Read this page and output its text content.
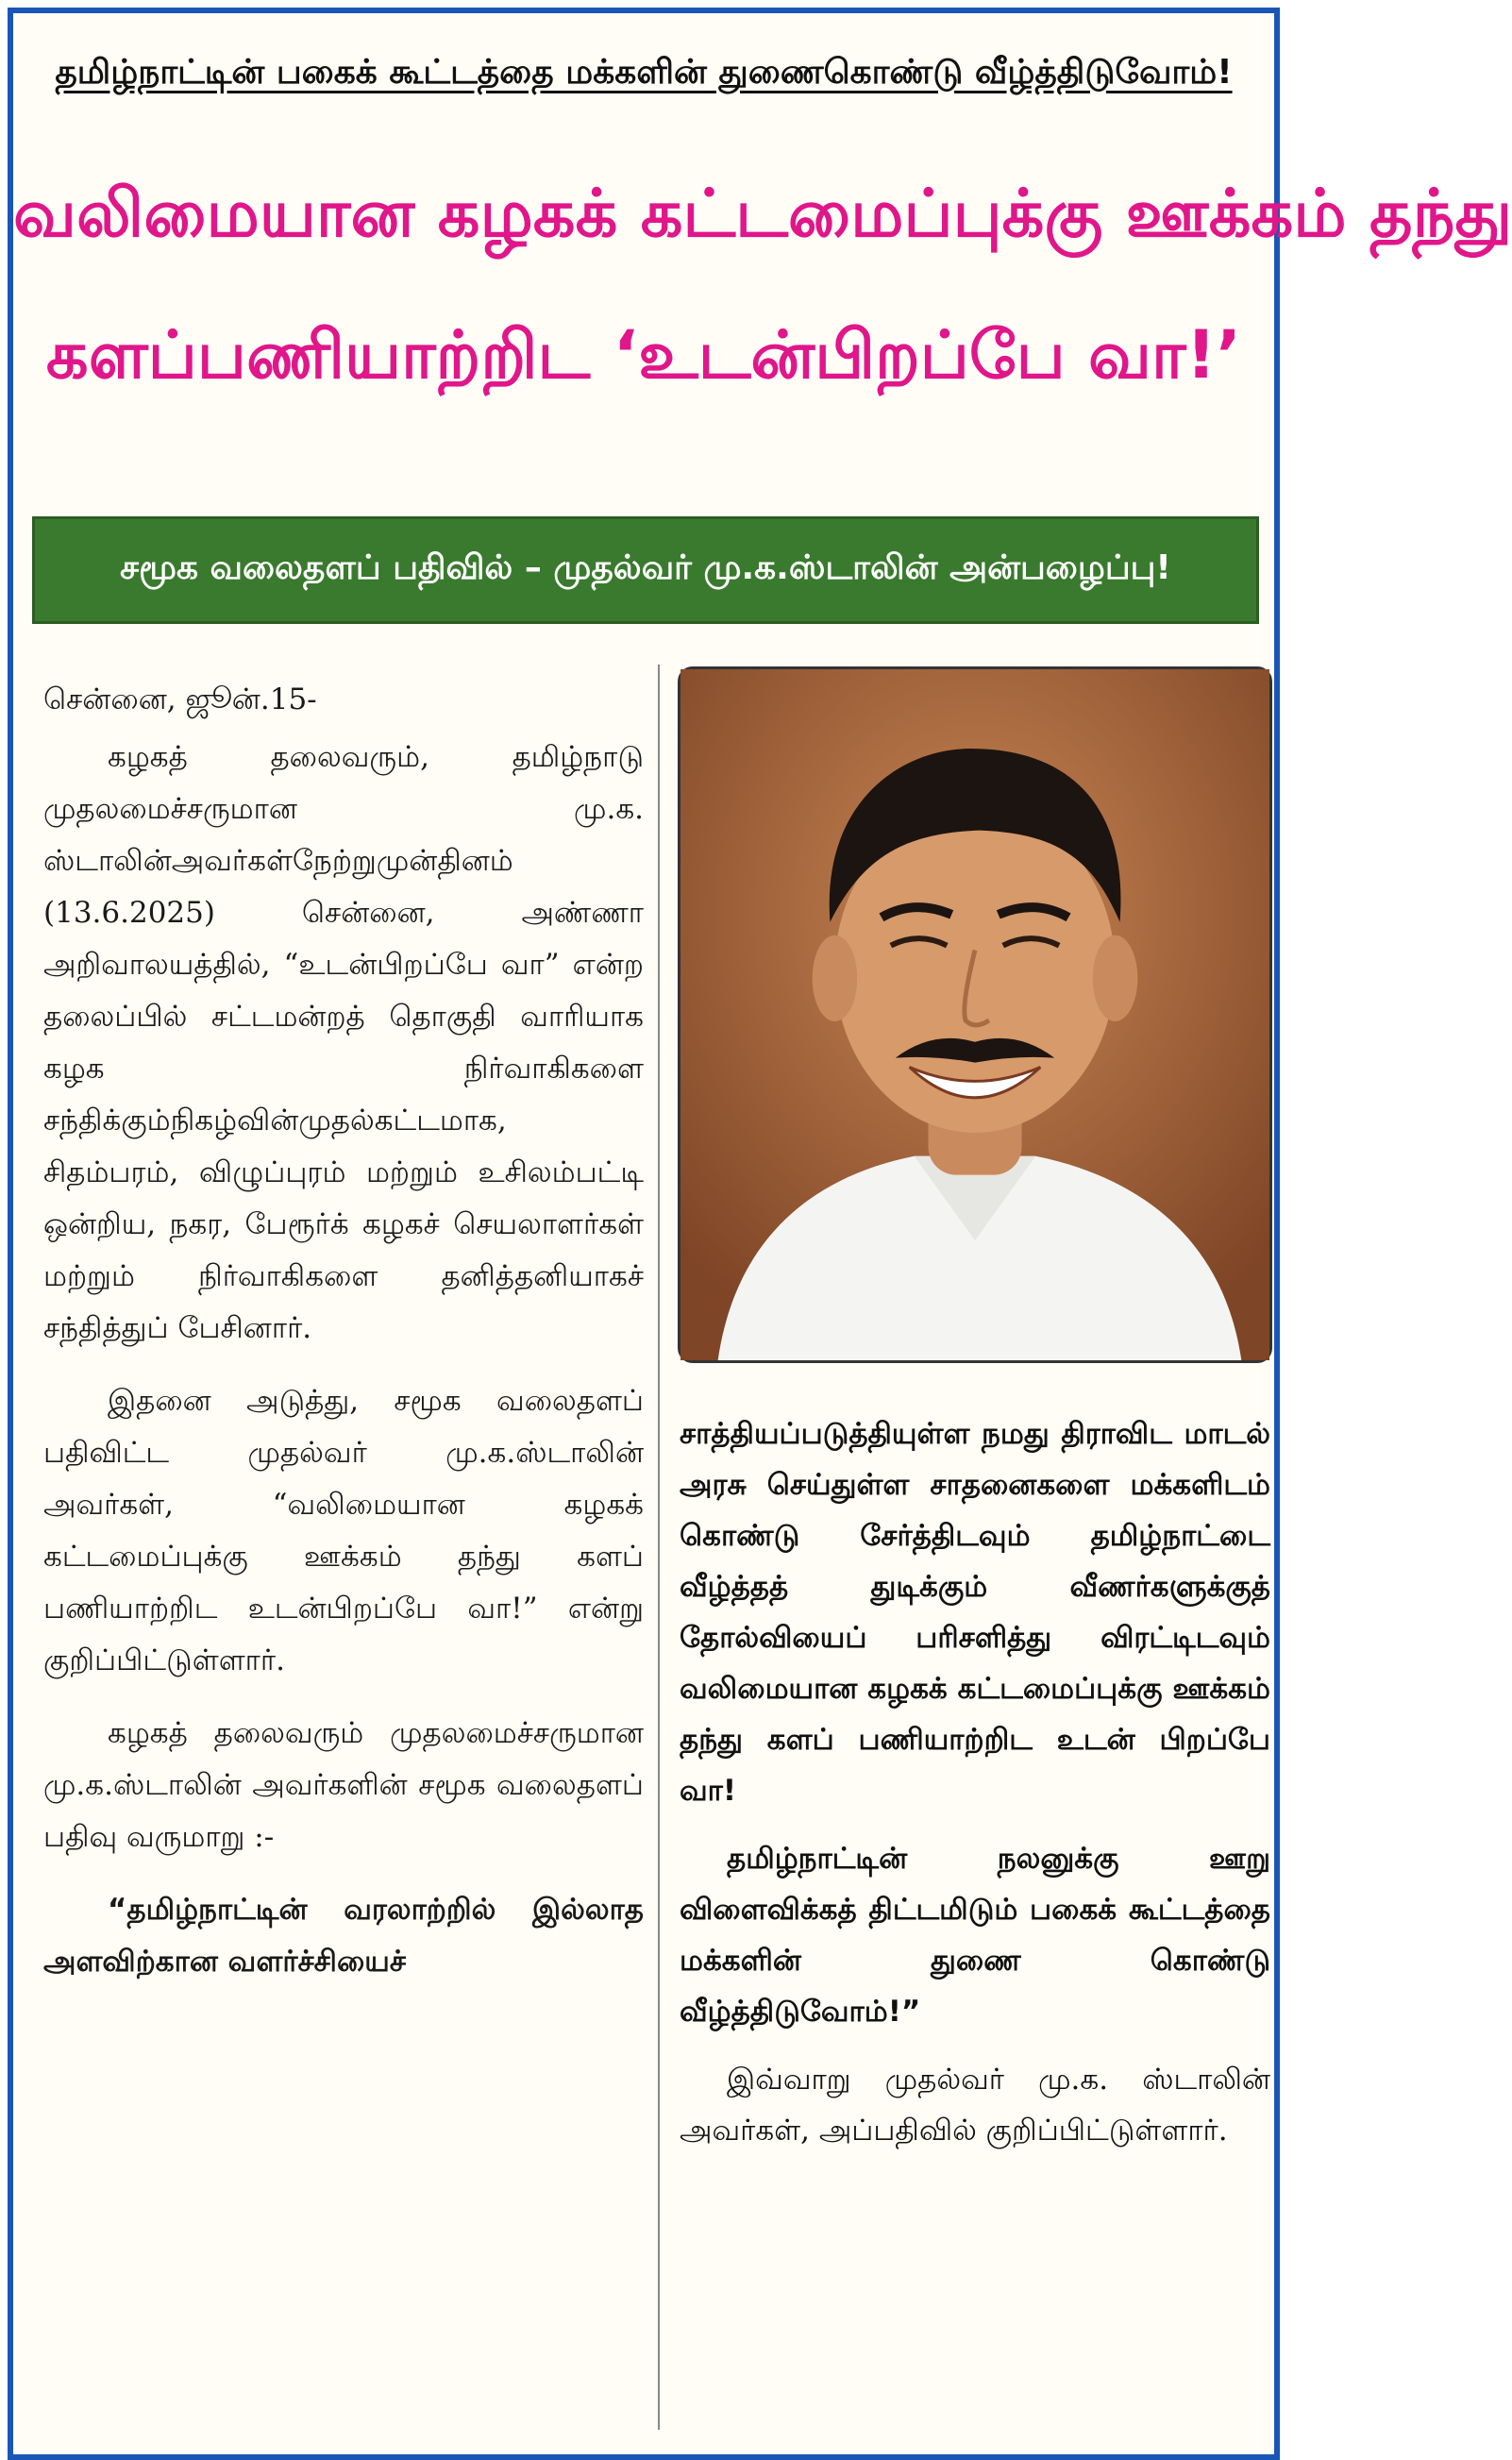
தமிழ்நாட்டின் பகைக் கூட்டத்தை மக்களின் துணைகொண்டு வீழ்த்திடுவோம்!
வலிமையான கழகக் கட்டமைப்புக்கு ஊக்கம் தந்து
களப்பணியாற்றிட ‘உடன்பிறப்பே வா!’
சமூக வலைதளப் பதிவில் – முதல்வர் மு.க.ஸ்டாலின் அன்பழைப்பு!

சென்னை, ஜூன்.15-

கழகத் தலைவரும், தமிழ்நாடு முதலமைச்சருமான மு.க. ஸ்டாலின்அவர்கள்நேற்றுமுன்தினம் (13.6.2025) சென்னை, அண்ணா அறிவாலயத்தில், “உடன்பிறப்பே வா” என்ற தலைப்பில் சட்டமன்றத் தொகுதி வாரியாக கழக நிர்வாகிகளை சந்திக்கும்நிகழ்வின்முதல்கட்டமாக, சிதம்பரம், விழுப்புரம் மற்றும் உசிலம்பட்டி ஒன்றிய, நகர, பேரூர்க் கழகச் செயலாளர்கள் மற்றும் நிர்வாகிகளை தனித்தனியாகச் சந்தித்துப் பேசினார்.

இதனை அடுத்து, சமூக வலைதளப் பதிவிட்ட முதல்வர் மு.க.ஸ்டாலின் அவர்கள், “வலிமையான கழகக் கட்டமைப்புக்கு ஊக்கம் தந்து களப் பணியாற்றிட உடன்பிறப்பே வா!” என்று குறிப்பிட்டுள்ளார்.

கழகத் தலைவரும் முதலமைச்சருமான மு.க.ஸ்டாலின் அவர்களின் சமூக வலைதளப் பதிவு வருமாறு :-

“தமிழ்நாட்டின் வரலாற்றில் இல்லாத அளவிற்கான வளர்ச்சியைச்

சாத்தியப்படுத்தியுள்ள நமது திராவிட மாடல் அரசு செய்துள்ள சாதனைகளை மக்களிடம் கொண்டு சேர்த்திடவும் தமிழ்நாட்டை வீழ்த்தத் துடிக்கும் வீணர்களுக்குத் தோல்வியைப் பரிசளித்து விரட்டிடவும் வலிமையான கழகக் கட்டமைப்புக்கு ஊக்கம் தந்து களப் பணியாற்றிட உடன் பிறப்பே வா!

தமிழ்நாட்டின் நலனுக்கு ஊறு விளைவிக்கத் திட்டமிடும் பகைக் கூட்டத்தை மக்களின் துணை கொண்டு வீழ்த்திடுவோம்!”

இவ்வாறு முதல்வர் மு.க. ஸ்டாலின் அவர்கள், அப்பதிவில் குறிப்பிட்டுள்ளார்.
